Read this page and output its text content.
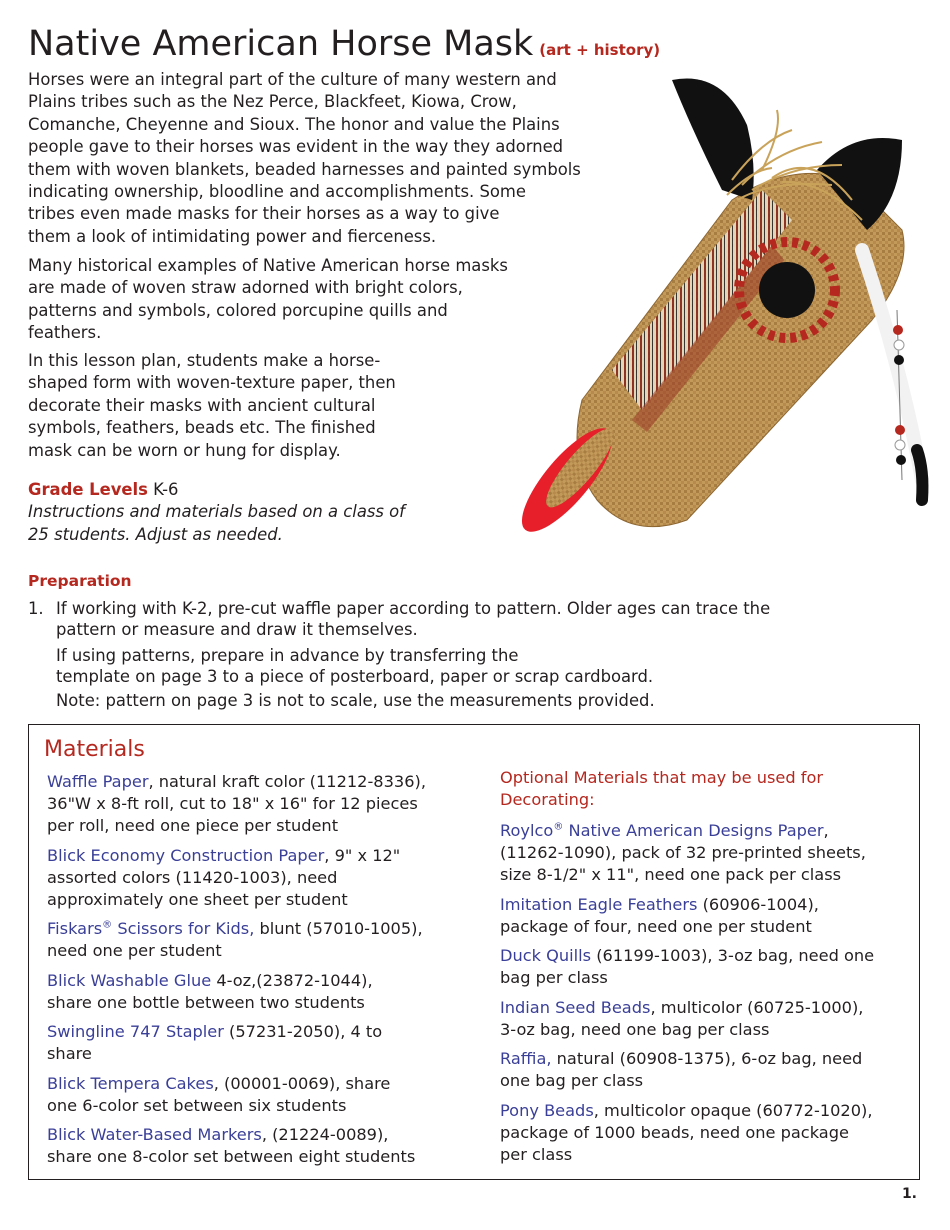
Native American Horse Mask (art + history)

Horses were an integral part of the culture of many western and
Plains tribes such as the Nez Perce, Blackfeet, Kiowa, Crow,
Comanche, Cheyenne and Sioux. The honor and value the Plains
people gave to their horses was evident in the way they adorned
them with woven blankets, beaded harnesses and painted symbols
indicating ownership, bloodline and accomplishments. Some
tribes even made masks for their horses as a way to give
them a look of intimidating power and fierceness.

Many historical examples of Native American horse masks
are made of woven straw adorned with bright colors,
patterns and symbols, colored porcupine quills and
feathers.

In this lesson plan, students make a horse-
shaped form with woven-texture paper, then
decorate their masks with ancient cultural
symbols, feathers, beads etc. The finished
mask can be worn or hung for display.

Grade Levels K-6
Instructions and materials based on a class of
25 students. Adjust as needed.

Preparation
1. If working with K-2, pre-cut waffle paper according to pattern. Older ages can trace the
pattern or measure and draw it themselves.

If using patterns, prepare in advance by transferring the
template on page 3 to a piece of posterboard, paper or scrap cardboard.

Note: pattern on page 3 is not to scale, use the measurements provided.

Materials

Waffle Paper, natural kraft color (11212-8336),
36"W x 8-ft roll, cut to 18" x 16" for 12 pieces
per roll, need one piece per student

Blick Economy Construction Paper, 9" x 12"
assorted colors (11420-1003), need
approximately one sheet per student

Fiskars® Scissors for Kids, blunt (57010-1005),
need one per student

Blick Washable Glue 4-oz,(23872-1044),
share one bottle between two students

Swingline 747 Stapler (57231-2050), 4 to
share

Blick Tempera Cakes, (00001-0069), share
one 6-color set between six students

Blick Water-Based Markers, (21224-0089),
share one 8-color set between eight students

Optional Materials that may be used for
Decorating:

Roylco® Native American Designs Paper,
(11262-1090), pack of 32 pre-printed sheets,
size 8-1/2" x 11", need one pack per class

Imitation Eagle Feathers (60906-1004),
package of four, need one per student

Duck Quills (61199-1003), 3-oz bag, need one
bag per class

Indian Seed Beads, multicolor (60725-1000),
3-oz bag, need one bag per class

Raffia, natural (60908-1375), 6-oz bag, need
one bag per class

Pony Beads, multicolor opaque (60772-1020),
package of 1000 beads, need one package
per class

1.
